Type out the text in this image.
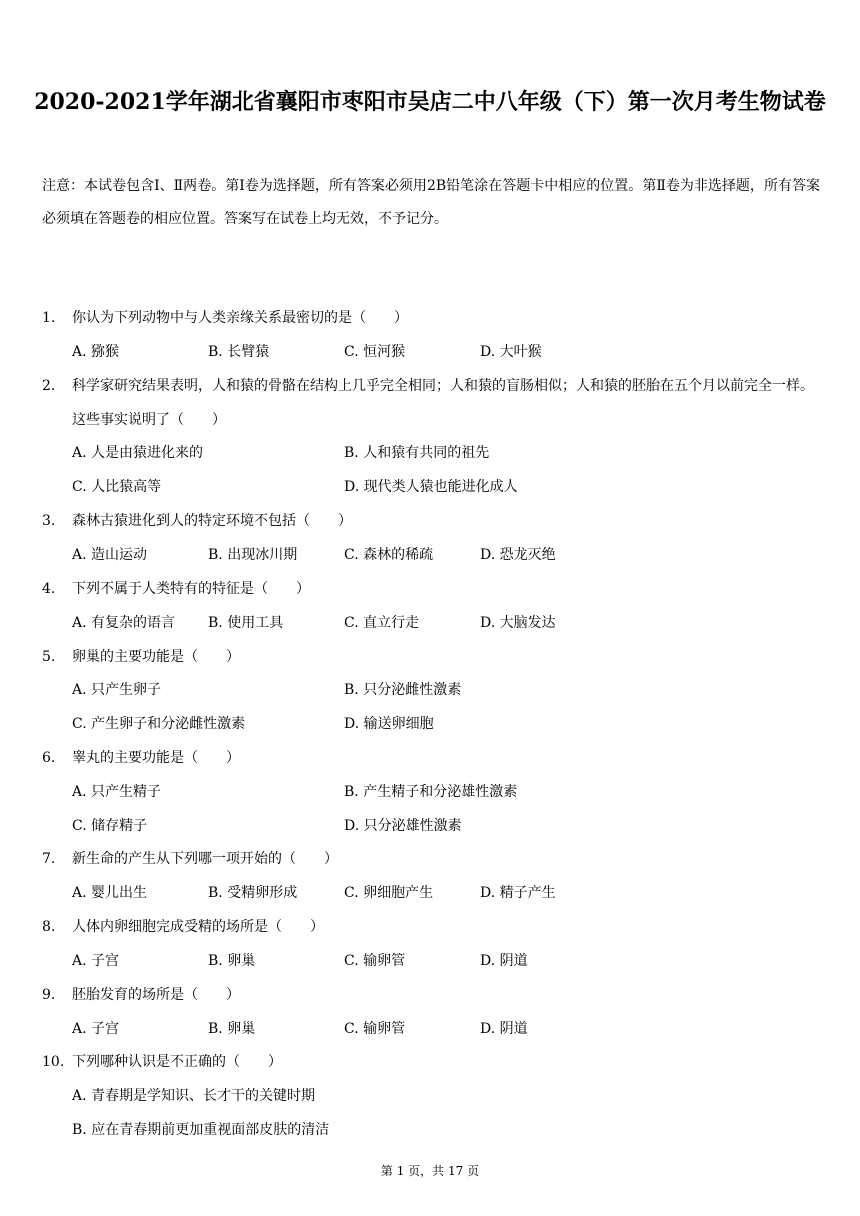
2020-2021学年湖北省襄阳市枣阳市吴店二中八年级（下）第一次月考生物试卷
注意：本试卷包含Ⅰ、Ⅱ两卷。第Ⅰ卷为选择题，所有答案必须用2B铅笔涂在答题卡中相应的位置。第Ⅱ卷为非选择题，所有答案必须填在答题卷的相应位置。答案写在试卷上均无效，不予记分。
1. 你认为下列动物中与人类亲缘关系最密切的是（　　）
A. 猕猴	B. 长臂猿	C. 恒河猴	D. 大叶猴
2. 科学家研究结果表明，人和猿的骨骼在结构上几乎完全相同；人和猿的盲肠相似；人和猿的胚胎在五个月以前完全一样。这些事实说明了（　　）
A. 人是由猿进化来的	B. 人和猿有共同的祖先
C. 人比猿高等	D. 现代类人猿也能进化成人
3. 森林古猿进化到人的特定环境不包括（　　）
A. 造山运动	B. 出现冰川期	C. 森林的稀疏	D. 恐龙灭绝
4. 下列不属于人类特有的特征是（　　）
A. 有复杂的语言 B. 使用工具	C. 直立行走	D. 大脑发达
5. 卵巢的主要功能是（　　）
A. 只产生卵子	B. 只分泌雌性激素
C. 产生卵子和分泌雌性激素	D. 输送卵细胞
6. 睾丸的主要功能是（　　）
A. 只产生精子	B. 产生精子和分泌雄性激素
C. 储存精子	D. 只分泌雄性激素
7. 新生命的产生从下列哪一项开始的（　　）
A. 婴儿出生	B. 受精卵形成	C. 卵细胞产生	D. 精子产生
8. 人体内卵细胞完成受精的场所是（　　）
A. 子宫	B. 卵巢	C. 输卵管	D. 阴道
9. 胚胎发育的场所是（　　）
A. 子宫	B. 卵巢	C. 输卵管	D. 阴道
10. 下列哪种认识是不正确的（　　）
A. 青春期是学知识、长才干的关键时期
B. 应在青春期前更加重视面部皮肤的清洁
第 1 页，共 17 页
